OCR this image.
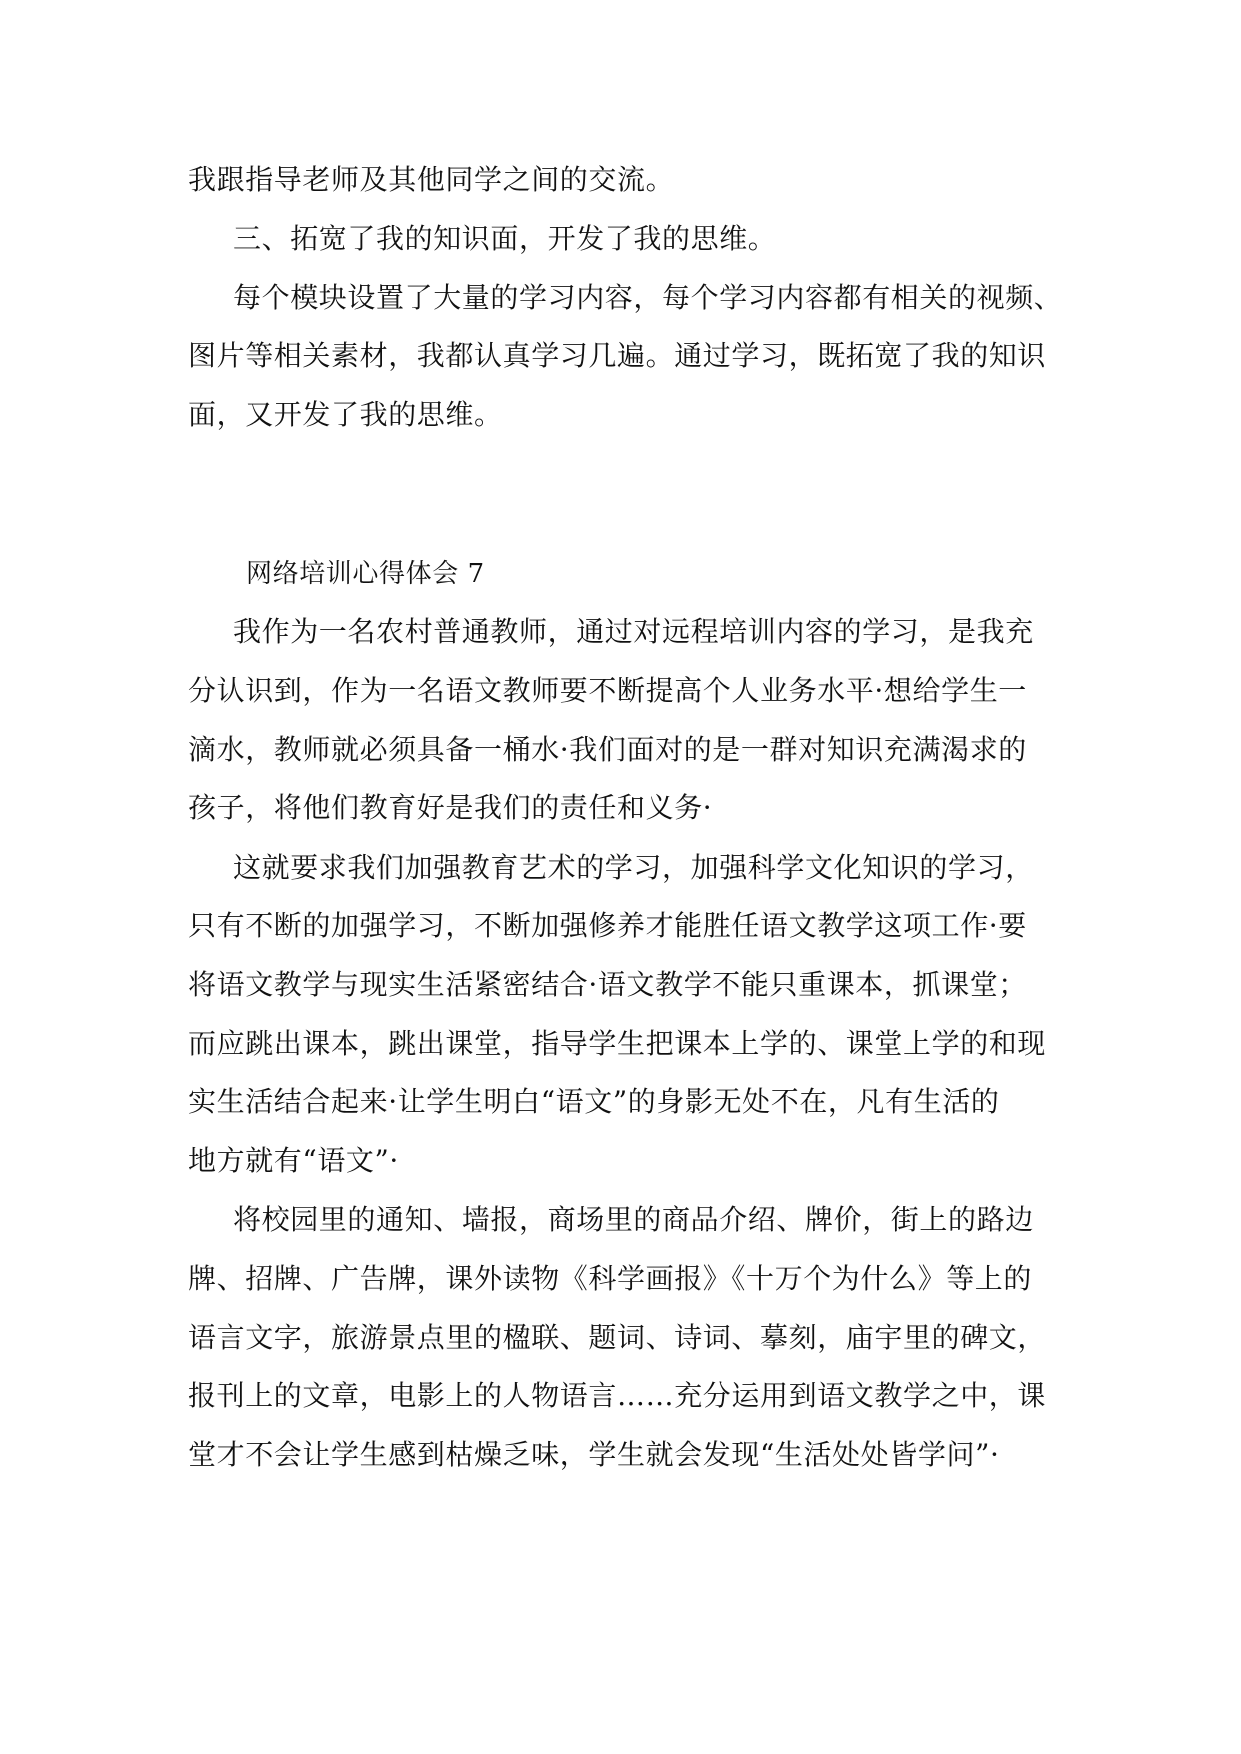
我跟指导老师及其他同学之间的交流。

三、拓宽了我的知识面，开发了我的思维。

每个模块设置了大量的学习内容，每个学习内容都有相关的视频、

图片等相关素材，我都认真学习几遍。通过学习，既拓宽了我的知识

面，又开发了我的思维。

网络培训心得体会 7

我作为一名农村普通教师，通过对远程培训内容的学习，是我充

分认识到，作为一名语文教师要不断提高个人业务水平·想给学生一

滴水，教师就必须具备一桶水·我们面对的是一群对知识充满渴求的

孩子，将他们教育好是我们的责任和义务·

这就要求我们加强教育艺术的学习，加强科学文化知识的学习，

只有不断的加强学习，不断加强修养才能胜任语文教学这项工作·要

将语文教学与现实生活紧密结合·语文教学不能只重课本，抓课堂；

而应跳出课本，跳出课堂，指导学生把课本上学的、课堂上学的和现

实生活结合起来·让学生明白“语文”的身影无处不在，凡有生活的

地方就有“语文”·

将校园里的通知、墙报，商场里的商品介绍、牌价，街上的路边

牌、招牌、广告牌，课外读物《科学画报》《十万个为什么》等上的

语言文字，旅游景点里的楹联、题词、诗词、摹刻，庙宇里的碑文，

报刊上的文章，电影上的人物语言……充分运用到语文教学之中，课

堂才不会让学生感到枯燥乏味，学生就会发现“生活处处皆学问”·
